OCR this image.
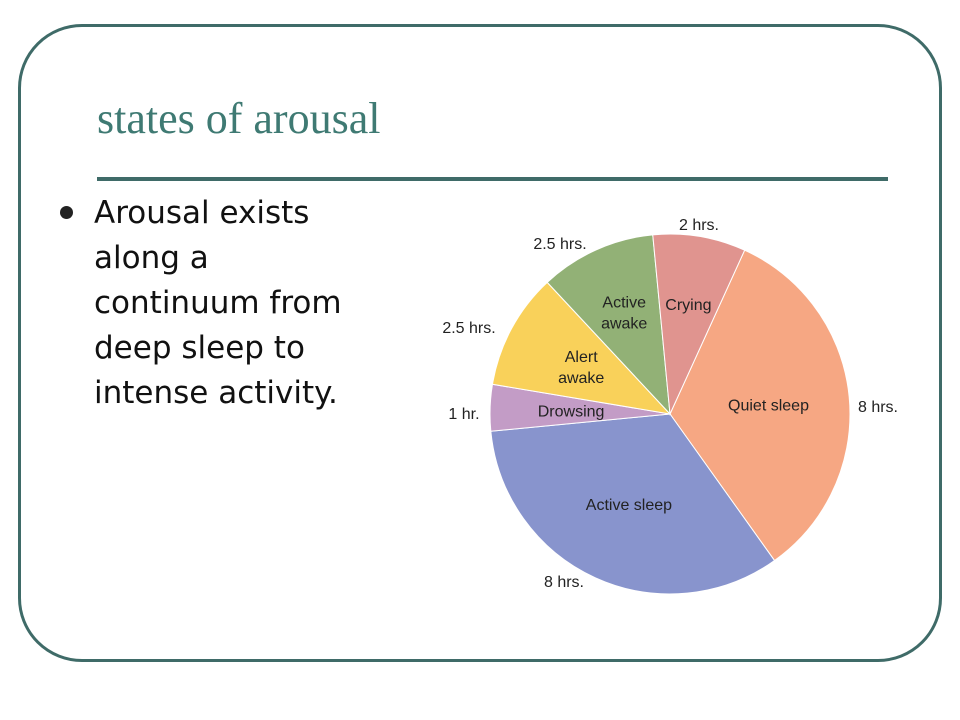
states of arousal
Arousal exists
along a
continuum from
deep sleep to
intense activity.	Quiet sleep	8 hrs.
Active sleep
8 hrs.
Drowsing
1 hr.
Alert awake
2.5 hrs.
Active awake
2.5 hrs.
Crying
2 hrs.
